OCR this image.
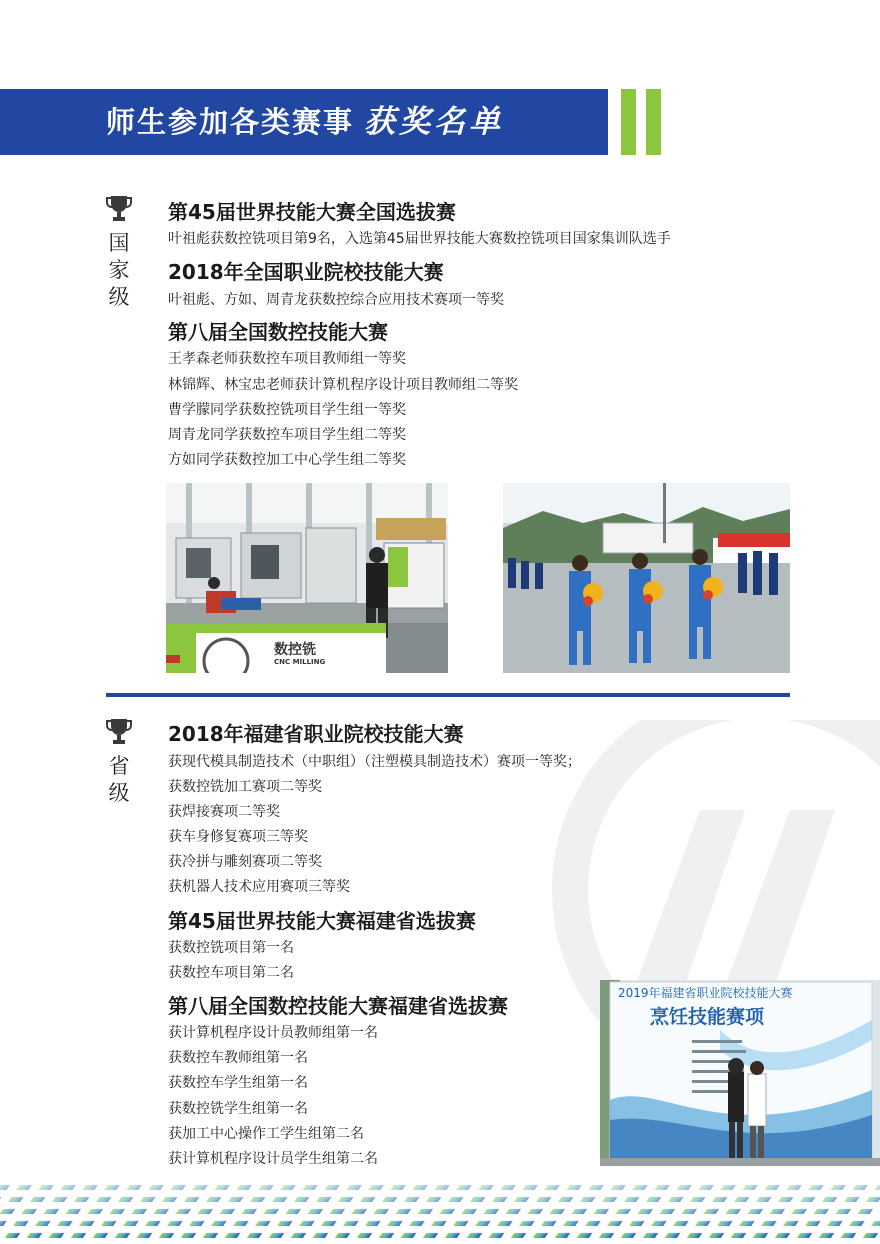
师生参加各类赛事 获奖名单
国家级
第45届世界技能大赛全国选拔赛
叶祖彪获数控铣项目第9名，入选第45届世界技能大赛数控铣项目国家集训队选手
2018年全国职业院校技能大赛
叶祖彪、方如、周青龙获数控综合应用技术赛项一等奖
第八届全国数控技能大赛
王孝森老师获数控车项目教师组一等奖
林锦辉、林宝忠老师获计算机程序设计项目教师组二等奖
曹学朦同学获数控铣项目学生组一等奖
周青龙同学获数控车项目学生组二等奖
方如同学获数控加工中心学生组二等奖
数控铣
CNC MILLING
省级
2018年福建省职业院校技能大赛
获现代模具制造技术（中职组）（注塑模具制造技术）赛项一等奖；
获数控铣加工赛项二等奖
获焊接赛项二等奖
获车身修复赛项三等奖
获冷拼与雕刻赛项二等奖
获机器人技术应用赛项三等奖
第45届世界技能大赛福建省选拔赛
获数控铣项目第一名
获数控车项目第二名
第八届全国数控技能大赛福建省选拔赛
获计算机程序设计员教师组第一名
获数控车教师组第一名
获数控车学生组第一名
获数控铣学生组第一名
获加工中心操作工学生组第二名
获计算机程序设计员学生组第二名
2019年福建省职业院校技能大赛
烹饪技能赛项
